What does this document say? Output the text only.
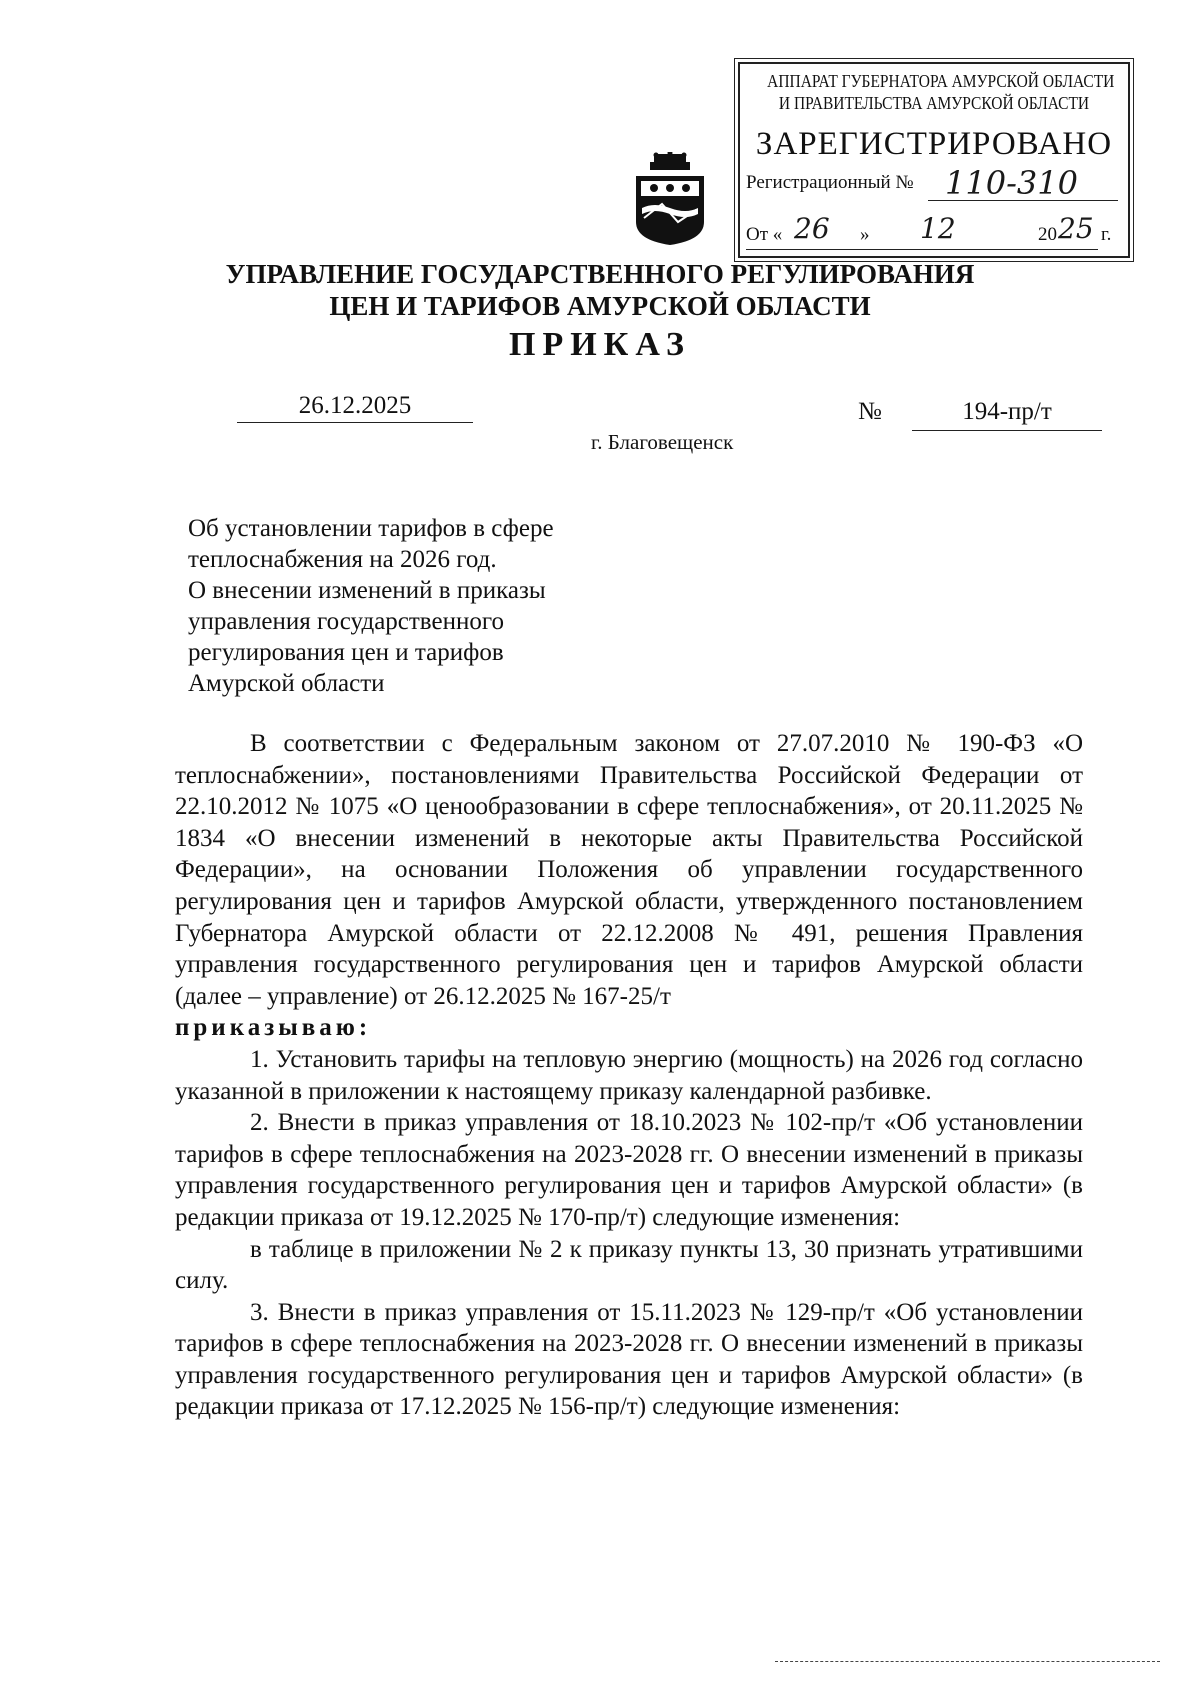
АППАРАТ ГУБЕРНАТОРА АМУРСКОЙ ОБЛАСТИ
И ПРАВИТЕЛЬСТВА АМУРСКОЙ ОБЛАСТИ
ЗАРЕГИСТРИРОВАНО
Регистрационный № 110-310
От « 26 » 12	20 25 г.
УПРАВЛЕНИЕ ГОСУДАРСТВЕННОГО РЕГУЛИРОВАНИЯ
ЦЕН И ТАРИФОВ АМУРСКОЙ ОБЛАСТИ
ПРИКАЗ
26.12.2025	№	194-пр/т
г. Благовещенск
Об установлении тарифов в сфере
теплоснабжения на 2026 год.
О внесении изменений в приказы
управления государственного
регулирования цен и тарифов
Амурской области

В соответствии с Федеральным законом от 27.07.2010 № 190-ФЗ «О теплоснабжении», постановлениями Правительства Российской Федерации от 22.10.2012 № 1075 «О ценообразовании в сфере теплоснабжения», от 20.11.2025 № 1834 «О внесении изменений в некоторые акты Правительства Российской Федерации», на основании Положения об управлении государственного регулирования цен и тарифов Амурской области, утвержденного постановлением Губернатора Амурской области от 22.12.2008 № 491, решения Правления управления государственного регулирования цен и тарифов Амурской области (далее – управление) от 26.12.2025 № 167-25/т

приказываю:

1. Установить тарифы на тепловую энергию (мощность) на 2026 год согласно указанной в приложении к настоящему приказу календарной разбивке.

2. Внести в приказ управления от 18.10.2023 № 102-пр/т «Об установлении тарифов в сфере теплоснабжения на 2023-2028 гг. О внесении изменений в приказы управления государственного регулирования цен и тарифов Амурской области» (в редакции приказа от 19.12.2025 № 170-пр/т) следующие изменения:

в таблице в приложении № 2 к приказу пункты 13, 30 признать утратившими силу.

3. Внести в приказ управления от 15.11.2023 № 129-пр/т «Об установлении тарифов в сфере теплоснабжения на 2023-2028 гг. О внесении изменений в приказы управления государственного регулирования цен и тарифов Амурской области» (в редакции приказа от 17.12.2025 № 156-пр/т) следующие изменения:
